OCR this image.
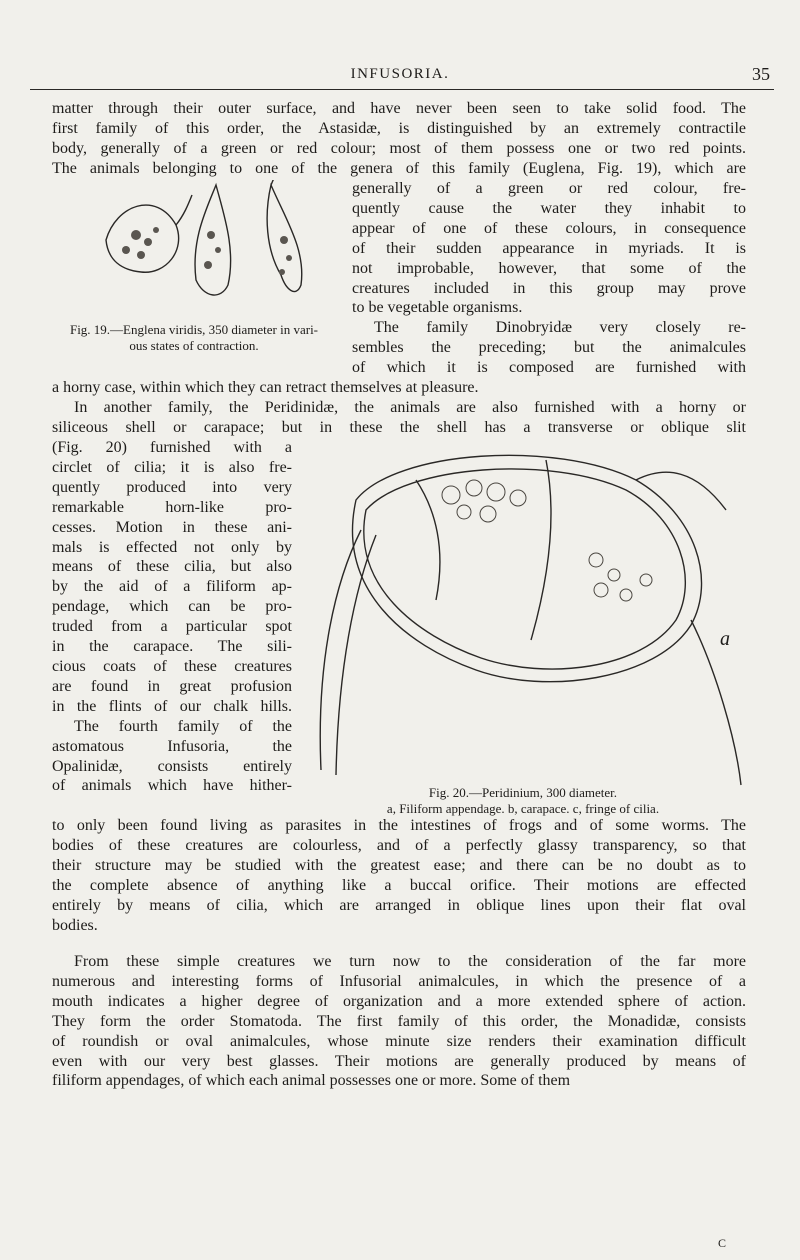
INFUSORIA.	35

matter through their outer surface, and have never been seen to take solid food. The

first family of this order, the Astasidæ, is distinguished by an extremely contractile

body, generally of a green or red colour; most of them possess one or two red points.

The animals belonging to one of the genera of this family (Euglena, Fig. 19), which are

Fig. 19.—Englena viridis, 350 diameter in vari- ous states of contraction.

generally of a green or red colour, fre-

quently cause the water they inhabit to

appear of one of these colours, in consequence

of their sudden appearance in myriads. It is

not improbable, however, that some of the

creatures included in this group may prove

to be vegetable organisms.

The family Dinobryidæ very closely re-

sembles the preceding; but the animalcules

of which it is composed are furnished with

a horny case, within which they can retract themselves at pleasure.

In another family, the Peridinidæ, the animals are also furnished with a horny or

siliceous shell or carapace; but in these the shell has a transverse or oblique slit

(Fig. 20) furnished with a

circlet of cilia; it is also fre-

quently produced into very

remarkable horn-like pro-

cesses. Motion in these ani-

mals is effected not only by

means of these cilia, but also

by the aid of a filiform ap-

pendage, which can be pro-

truded from a particular spot

in the carapace. The sili-

cious coats of these creatures

are found in great profusion

in the flints of our chalk hills.

The fourth family of the

astomatous Infusoria, the

Opalinidæ, consists entirely

of animals which have hither-

a
Fig. 20.—Peridinium, 300 diameter.
a, Filiform appendage. b, carapace. c, fringe of cilia.

to only been found living as parasites in the intestines of frogs and of some worms. The

bodies of these creatures are colourless, and of a perfectly glassy transparency, so that

their structure may be studied with the greatest ease; and there can be no doubt as to

the complete absence of anything like a buccal orifice. Their motions are effected

entirely by means of cilia, which are arranged in oblique lines upon their flat oval

bodies.

From these simple creatures we turn now to the consideration of the far more

numerous and interesting forms of Infusorial animalcules, in which the presence of a

mouth indicates a higher degree of organization and a more extended sphere of action.

They form the order Stomatoda. The first family of this order, the Monadidæ, consists

of roundish or oval animalcules, whose minute size renders their examination difficult

even with our very best glasses. Their motions are generally produced by means of

filiform appendages, of which each animal possesses one or more. Some of them

C
